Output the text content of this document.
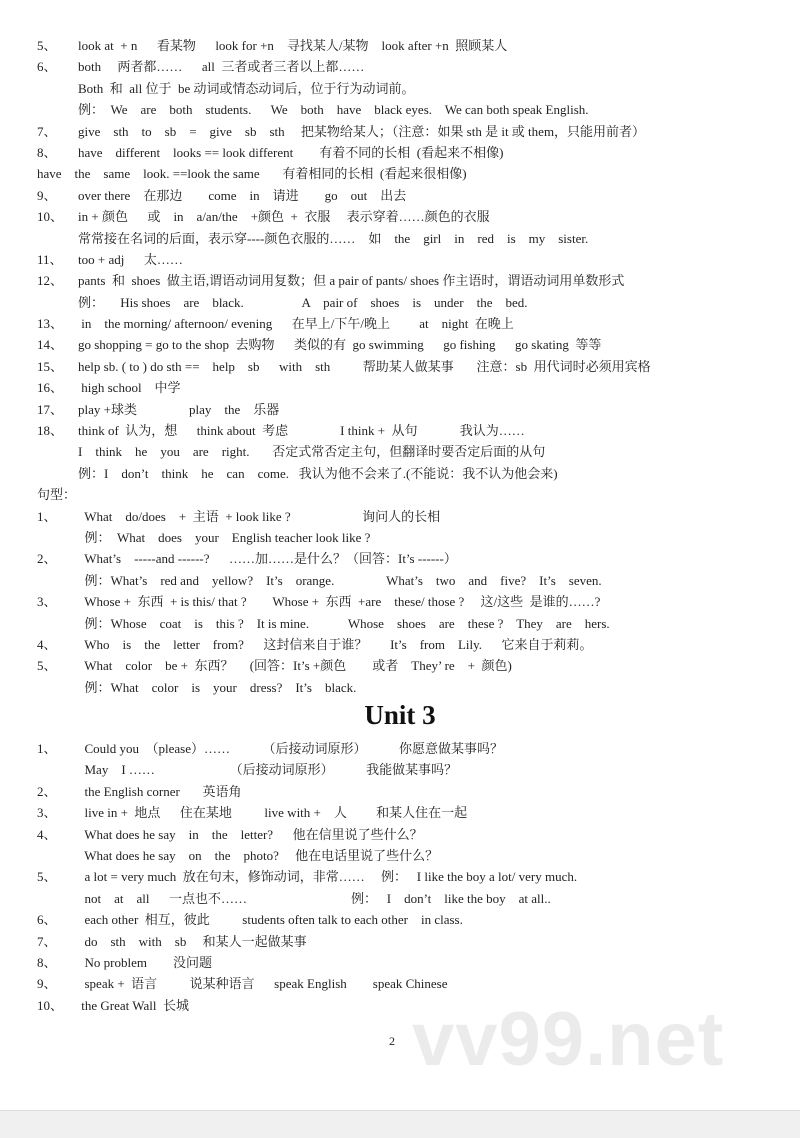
5、 look at  + n      看某物      look for +n    寻找某人/某物    look after +n  照顾某人
6、 both     两者都……      all  三者或者三者以上都……
Both  和  all 位于  be 动词或情态动词后，位于行为动词前。
例：  We    are    both    students.      We    both    have    black eyes.    We can both speak English.
7、 give    sth    to    sb    =    give    sb    sth     把某物给某人；（注意：如果 sth 是 it 或 them，只能用前者）
8、 have    different    looks == look different        有着不同的长相  (看起来不相像)
have    the    same    look. ==look the same       有着相同的长相  (看起来很相像)
9、 over there    在那边        come    in    请进        go    out    出去
10、 in + 颜色      或    in    a/an/the    +颜色  +  衣服     表示穿着……颜色的衣服
常常接在名词的后面，表示穿----颜色衣服的……    如    the    girl    in    red    is    my    sister.
11、 too + adj      太……
12、 pants  和  shoes  做主语,谓语动词用复数；但 a pair of pants/ shoes 作主语时，谓语动词用单数形式
例：     His shoes    are    black.                  A    pair of    shoes    is    under    the    bed.
13、 in    the morning/ afternoon/ evening      在早上/下午/晚上         at    night  在晚上
14、 go shopping = go to the shop  去购物      类似的有  go swimming      go fishing      go skating  等等
15、 help sb. ( to ) do sth ==    help    sb      with    sth          帮助某人做某事       注意：sb  用代词时必须用宾格
16、 high school    中学
17、 play +球类                play    the    乐器
18、 think of  认为，想      think about  考虑                I think +  从句             我认为……
I    think    he    you    are    right.       否定式常否定主句，但翻译时要否定后面的从句
例：I    don’t    think    he    can    come.   我认为他不会来了.(不能说：我不认为他会来)
句型：
1、 What    do/does    +  主语  + look like ?                      询问人的长相
例：  What    does    your    English teacher look like ?
2、 What’s    -----and ------?      ……加……是什么？（回答：It’s ------）
例：What’s    red and    yellow?    It’s    orange.                What’s    two    and    five?    It’s    seven.
3、 Whose +  东西  + is this/ that ?        Whose +  东西  +are    these/ those ?     这/这些  是谁的……?
例：Whose    coat    is    this ?    It is mine.            Whose    shoes    are    these ?    They    are    hers.
4、 Who    is    the    letter    from?      这封信来自于谁？       It’s    from    Lily.      它来自于莉莉。
5、 What    color    be +  东西？     (回答：It’s +颜色        或者    They’ re    +  颜色)
例：What    color    is    your    dress?    It’s    black.
Unit 3
1、 Could you  （please）……          （后接动词原形）          你愿意做某事吗？
May    I ……                       （后接动词原形）          我能做某事吗？
2、 the English corner       英语角
3、 live in +  地点      住在某地          live with +    人         和某人住在一起
4、 What does he say    in    the    letter?      他在信里说了些什么？
What does he say    on    the    photo?     他在电话里说了些什么？
5、 a lot = very much  放在句末，修饰动词，非常……     例：   I like the boy a lot/ very much.
not    at    all      一点也不……                                例：   I    don’t    like the boy    at all..
6、 each other  相互，彼此          students often talk to each other    in class.
7、 do    sth    with    sb     和某人一起做某事
8、 No problem        没问题
9、 speak +  语言          说某种语言      speak English        speak Chinese
10、 the Great Wall  长城	vv99.net
2
